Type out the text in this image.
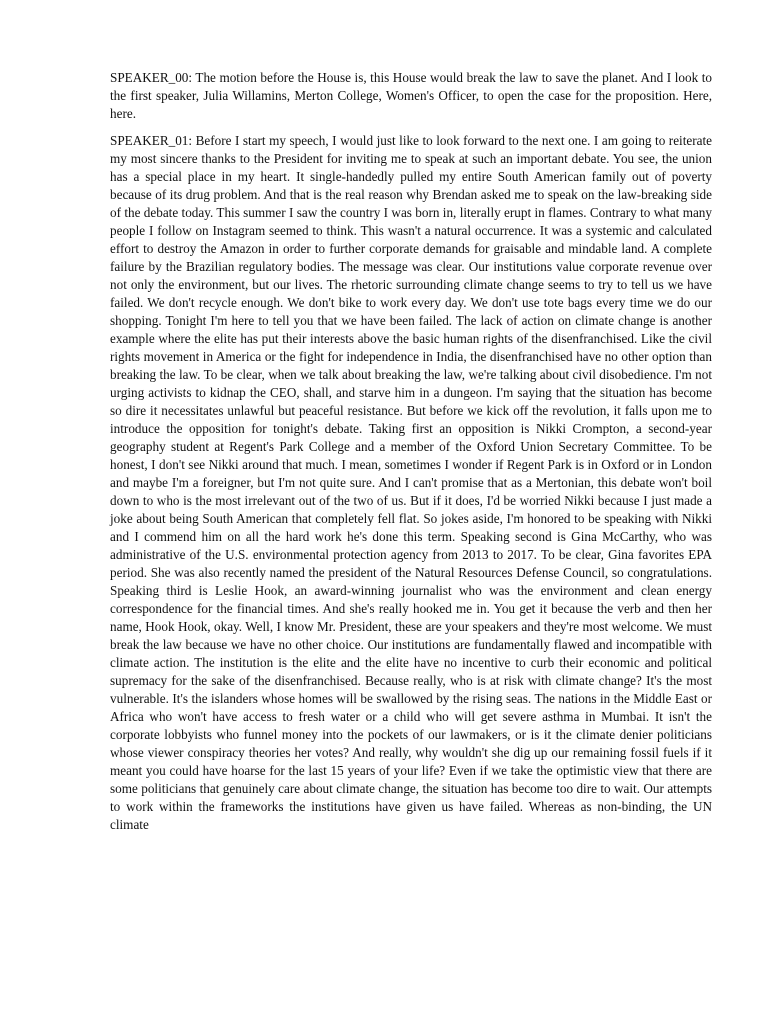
SPEAKER_00: The motion before the House is, this House would break the law to save the planet. And I look to the first speaker, Julia Willamins, Merton College, Women's Officer, to open the case for the proposition. Here, here.

SPEAKER_01: Before I start my speech, I would just like to look forward to the next one. I am going to reiterate my most sincere thanks to the President for inviting me to speak at such an important debate. You see, the union has a special place in my heart. It single-handedly pulled my entire South American family out of poverty because of its drug problem. And that is the real reason why Brendan asked me to speak on the law-breaking side of the debate today. This summer I saw the country I was born in, literally erupt in flames. Contrary to what many people I follow on Instagram seemed to think. This wasn't a natural occurrence. It was a systemic and calculated effort to destroy the Amazon in order to further corporate demands for graisable and mindable land. A complete failure by the Brazilian regulatory bodies. The message was clear. Our institutions value corporate revenue over not only the environment, but our lives. The rhetoric surrounding climate change seems to try to tell us we have failed. We don't recycle enough. We don't bike to work every day. We don't use tote bags every time we do our shopping. Tonight I'm here to tell you that we have been failed. The lack of action on climate change is another example where the elite has put their interests above the basic human rights of the disenfranchised. Like the civil rights movement in America or the fight for independence in India, the disenfranchised have no other option than breaking the law. To be clear, when we talk about breaking the law, we're talking about civil disobedience. I'm not urging activists to kidnap the CEO, shall, and starve him in a dungeon. I'm saying that the situation has become so dire it necessitates unlawful but peaceful resistance. But before we kick off the revolution, it falls upon me to introduce the opposition for tonight's debate. Taking first an opposition is Nikki Crompton, a second-year geography student at Regent's Park College and a member of the Oxford Union Secretary Committee. To be honest, I don't see Nikki around that much. I mean, sometimes I wonder if Regent Park is in Oxford or in London and maybe I'm a foreigner, but I'm not quite sure. And I can't promise that as a Mertonian, this debate won't boil down to who is the most irrelevant out of the two of us. But if it does, I'd be worried Nikki because I just made a joke about being South American that completely fell flat. So jokes aside, I'm honored to be speaking with Nikki and I commend him on all the hard work he's done this term. Speaking second is Gina McCarthy, who was administrative of the U.S. environmental protection agency from 2013 to 2017. To be clear, Gina favorites EPA period. She was also recently named the president of the Natural Resources Defense Council, so congratulations. Speaking third is Leslie Hook, an award-winning journalist who was the environment and clean energy correspondence for the financial times. And she's really hooked me in. You get it because the verb and then her name, Hook Hook, okay. Well, I know Mr. President, these are your speakers and they're most welcome. We must break the law because we have no other choice. Our institutions are fundamentally flawed and incompatible with climate action. The institution is the elite and the elite have no incentive to curb their economic and political supremacy for the sake of the disenfranchised. Because really, who is at risk with climate change? It's the most vulnerable. It's the islanders whose homes will be swallowed by the rising seas. The nations in the Middle East or Africa who won't have access to fresh water or a child who will get severe asthma in Mumbai. It isn't the corporate lobbyists who funnel money into the pockets of our lawmakers, or is it the climate denier politicians whose viewer conspiracy theories her votes? And really, why wouldn't she dig up our remaining fossil fuels if it meant you could have hoarse for the last 15 years of your life? Even if we take the optimistic view that there are some politicians that genuinely care about climate change, the situation has become too dire to wait. Our attempts to work within the frameworks the institutions have given us have failed. Whereas as non-binding, the UN climate
